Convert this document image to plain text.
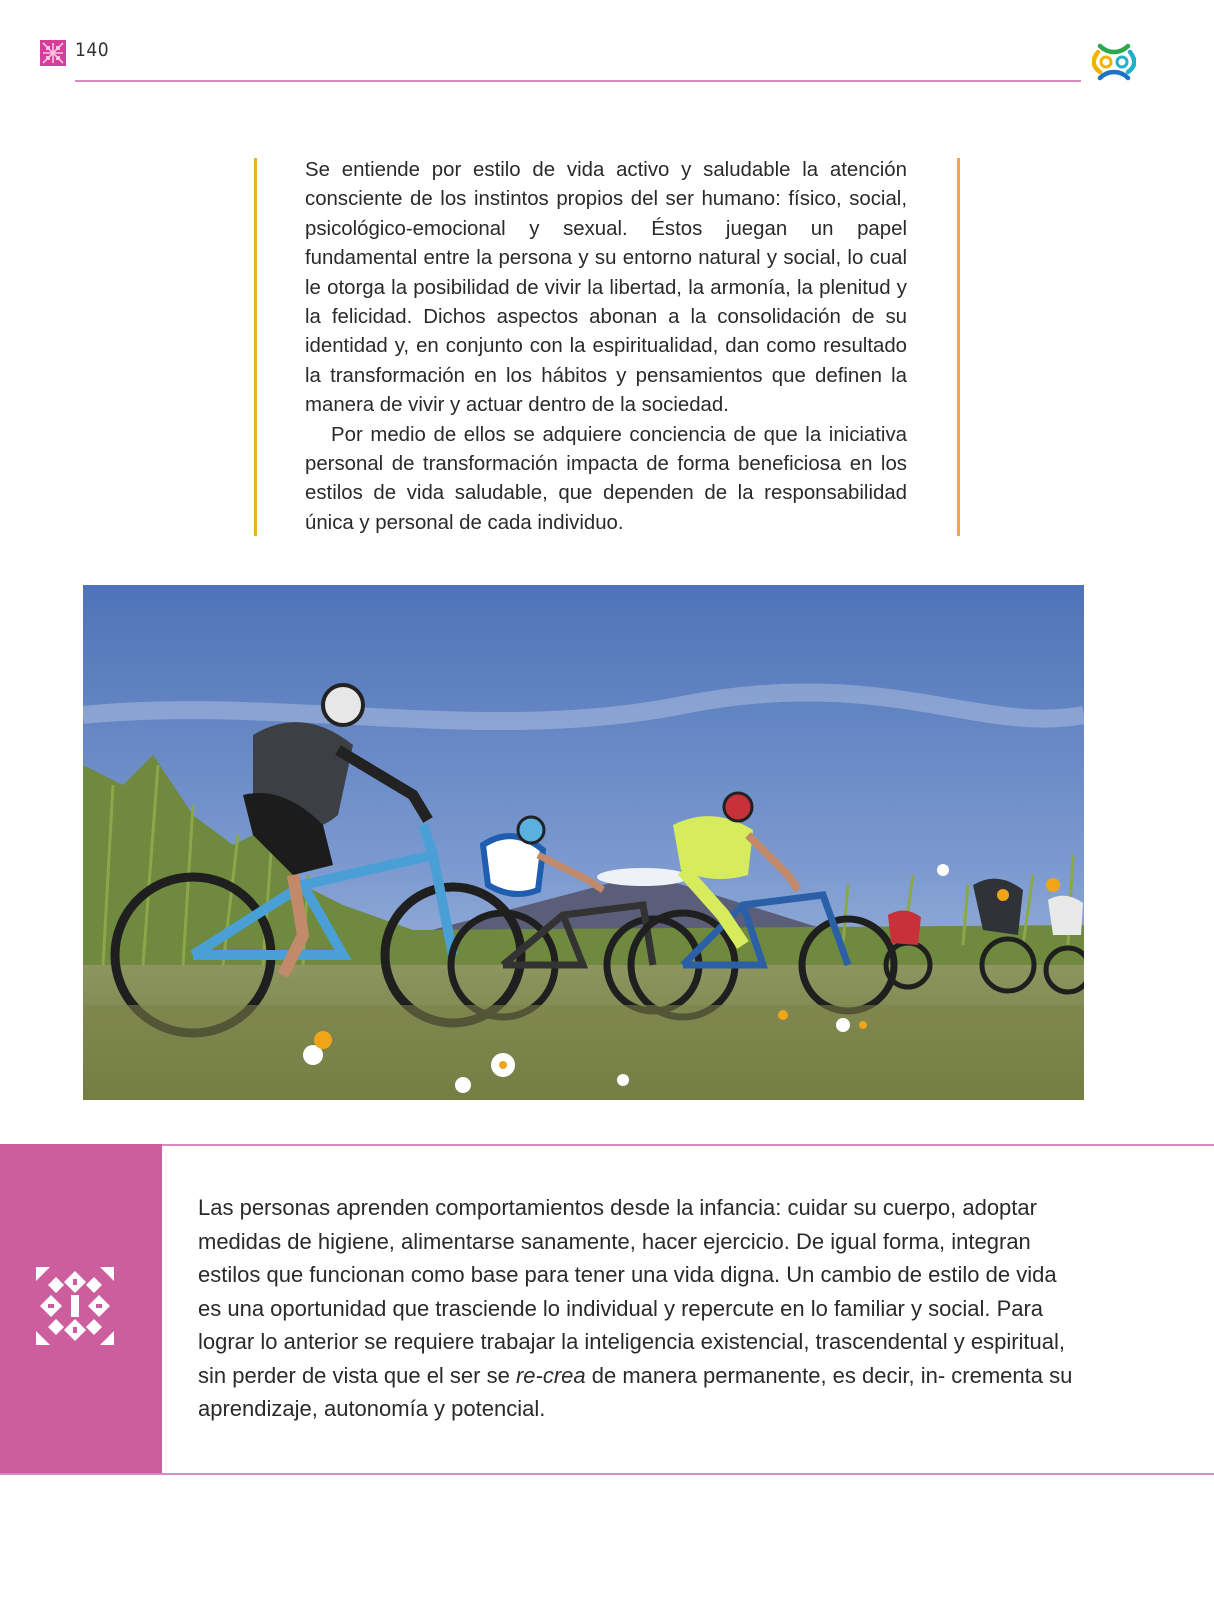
140

Se entiende por estilo de vida activo y saludable la atención consciente de los instintos propios del ser humano: físico, social, psicológico-emocional y sexual. Éstos juegan un papel fundamental entre la persona y su entorno natural y social, lo cual le otorga la posibilidad de vivir la libertad, la armonía, la plenitud y la felicidad. Dichos aspectos abonan a la consolidación de su identidad y, en conjunto con la espiritualidad, dan como resultado la transformación en los hábitos y pensamientos que definen la manera de vivir y actuar dentro de la sociedad.

Por medio de ellos se adquiere conciencia de que la iniciativa personal de transformación impacta de forma beneficiosa en los estilos de vida saludable, que dependen de la responsabilidad única y personal de cada individuo.

Las personas aprenden comportamientos desde la infancia: cuidar su cuerpo, adoptar medidas de higiene, alimentarse sanamente, hacer ejercicio. De igual forma, integran estilos que funcionan como base para tener una vida digna. Un cambio de estilo de vida es una oportunidad que trasciende lo individual y repercute en lo familiar y social. Para lograr lo anterior se requiere trabajar la inteligencia existencial, trascendental y espiritual, sin perder de vista que el ser se re-crea de manera permanente, es decir, in- crementa su aprendizaje, autonomía y potencial.
